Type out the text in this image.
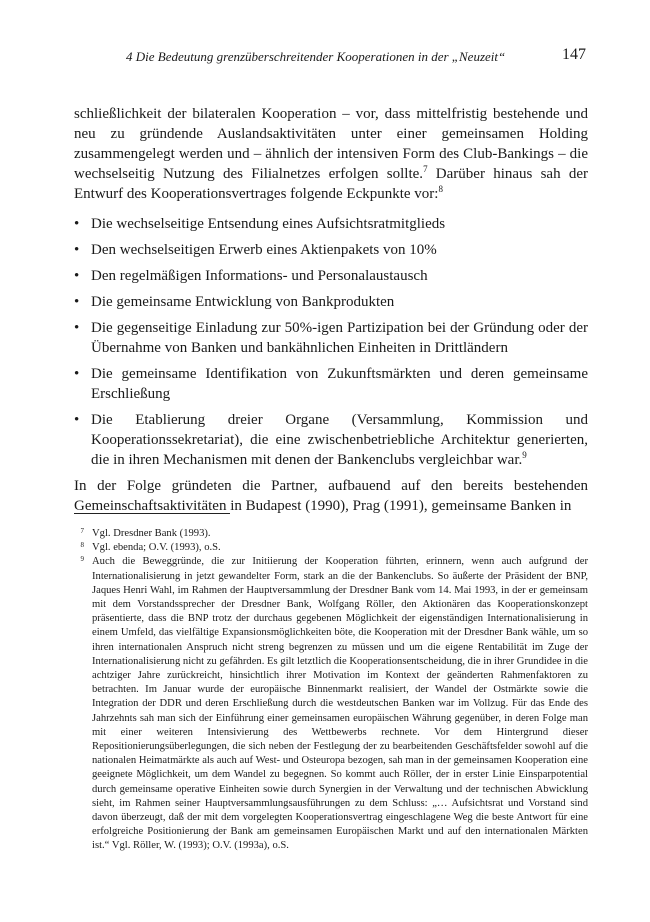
4 Die Bedeutung grenzüberschreitender Kooperationen in der „Neuzeit“	147

schließlichkeit der bilateralen Kooperation – vor, dass mittelfristig bestehende und neu zu gründende Auslandsaktivitäten unter einer gemeinsamen Holding zusammengelegt werden und – ähnlich der intensiven Form des Club-Bankings – die wechselseitig Nutzung des Filialnetzes erfolgen sollte.$^7$ Darüber hinaus sah der Entwurf des Kooperationsvertrages folgende Eckpunkte vor:$^8$

• Die wechselseitige Entsendung eines Aufsichtsratmitglieds
• Den wechselseitigen Erwerb eines Aktienpakets von 10%
• Den regelmäßigen Informations- und Personalaustausch
• Die gemeinsame Entwicklung von Bankprodukten
• Die gegenseitige Einladung zur 50%-igen Partizipation bei der Gründung oder der Übernahme von Banken und bankähnlichen Einheiten in Drittländern
• Die gemeinsame Identifikation von Zukunftsmärkten und deren gemeinsame Erschließung
• Die Etablierung dreier Organe (Versammlung, Kommission und Kooperationssekretariat), die eine zwischenbetriebliche Architektur generierten, die in ihren Mechanismen mit denen der Bankenclubs vergleichbar war.$^9$

In der Folge gründeten die Partner, aufbauend auf den bereits bestehenden Gemeinschaftsaktivitäten in Budapest (1990), Prag (1991), gemeinsame Banken in

7 Vgl. Dresdner Bank (1993).
8 Vgl. ebenda; O.V. (1993), o.S.
9 Auch die Beweggründe, die zur Initiierung der Kooperation führten, erinnern, wenn auch aufgrund der Internationalisierung in jetzt gewandelter Form, stark an die der Bankenclubs. So äußerte der Präsident der BNP, Jaques Henri Wahl, im Rahmen der Hauptversammlung der Dresdner Bank vom 14. Mai 1993, in der er gemeinsam mit dem Vorstandssprecher der Dresdner Bank, Wolfgang Röller, den Aktionären das Kooperationskonzept präsentierte, dass die BNP trotz der durchaus gegebenen Möglichkeit der eigenständigen Internationalisierung in einem Umfeld, das vielfältige Expansionsmöglichkeiten böte, die Kooperation mit der Dresdner Bank wähle, um so ihren internationalen Anspruch nicht streng begrenzen zu müssen und um die eigene Rentabilität im Zuge der Internationalisierung nicht zu gefährden. Es gilt letztlich die Kooperationsentscheidung, die in ihrer Grundidee in die achtziger Jahre zurückreicht, hinsichtlich ihrer Motivation im Kontext der geänderten Rahmenfaktoren zu betrachten. Im Januar wurde der europäische Binnenmarkt realisiert, der Wandel der Ostmärkte sowie die Integration der DDR und deren Erschließung durch die westdeutschen Banken war im Vollzug. Für das Ende des Jahrzehnts sah man sich der Einführung einer gemeinsamen europäischen Währung gegenüber, in deren Folge man mit einer weiteren Intensivierung des Wettbewerbs rechnete. Vor dem Hintergrund dieser Repositionierungsüberlegungen, die sich neben der Festlegung der zu bearbeitenden Geschäftsfelder sowohl auf die nationalen Heimatmärkte als auch auf West- und Osteuropa bezogen, sah man in der gemeinsamen Kooperation eine geeignete Möglichkeit, um dem Wandel zu begegnen. So kommt auch Röller, der in erster Linie Einsparpotential durch gemeinsame operative Einheiten sowie durch Synergien in der Verwaltung und der technischen Abwicklung sieht, im Rahmen seiner Hauptversammlungsausführungen zu dem Schluss: „… Aufsichtsrat und Vorstand sind davon überzeugt, daß der mit dem vorgelegten Kooperationsvertrag eingeschlagene Weg die beste Antwort für eine erfolgreiche Positionierung der Bank am gemeinsamen Europäischen Markt und auf den internationalen Märkten ist.“ Vgl. Röller, W. (1993); O.V. (1993a), o.S.
